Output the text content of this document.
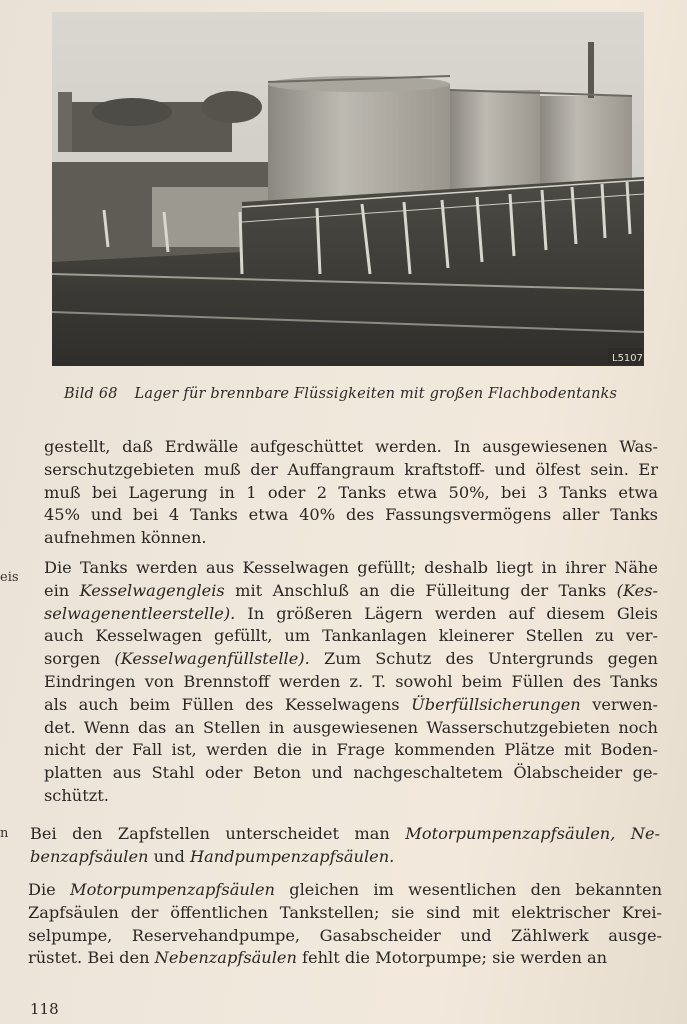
eis
n
L5107
Bild 68 Lager für brennbare Flüssigkeiten mit großen Flachbodentanks
gestellt, daß Erdwälle aufgeschüttet werden. In ausgewiesenen Was-
serschutzgebieten muß der Auffangraum kraftstoff- und ölfest sein. Er
muß bei Lagerung in 1 oder 2 Tanks etwa 50%, bei 3 Tanks etwa
45% und bei 4 Tanks etwa 40% des Fassungsvermögens aller Tanks
aufnehmen können.
Die Tanks werden aus Kesselwagen gefüllt; deshalb liegt in ihrer Nähe
ein Kesselwagengleis mit Anschluß an die Fülleitung der Tanks (Kes-
selwagenentleerstelle). In größeren Lägern werden auf diesem Gleis
auch Kesselwagen gefüllt, um Tankanlagen kleinerer Stellen zu ver-
sorgen (Kesselwagenfüllstelle). Zum Schutz des Untergrunds gegen
Eindringen von Brennstoff werden z. T. sowohl beim Füllen des Tanks
als auch beim Füllen des Kesselwagens Überfüllsicherungen verwen-
det. Wenn das an Stellen in ausgewiesenen Wasserschutzgebieten noch
nicht der Fall ist, werden die in Frage kommenden Plätze mit Boden-
platten aus Stahl oder Beton und nachgeschaltetem Ölabscheider ge-
schützt.
Bei den Zapfstellen unterscheidet man Motorpumpenzapfsäulen, Ne-
benzapfsäulen und Handpumpenzapfsäulen.
Die Motorpumpenzapfsäulen gleichen im wesentlichen den bekannten
Zapfsäulen der öffentlichen Tankstellen; sie sind mit elektrischer Krei-
selpumpe, Reservehandpumpe, Gasabscheider und Zählwerk ausge-
rüstet. Bei den Nebenzapfsäulen fehlt die Motorpumpe; sie werden an
118
